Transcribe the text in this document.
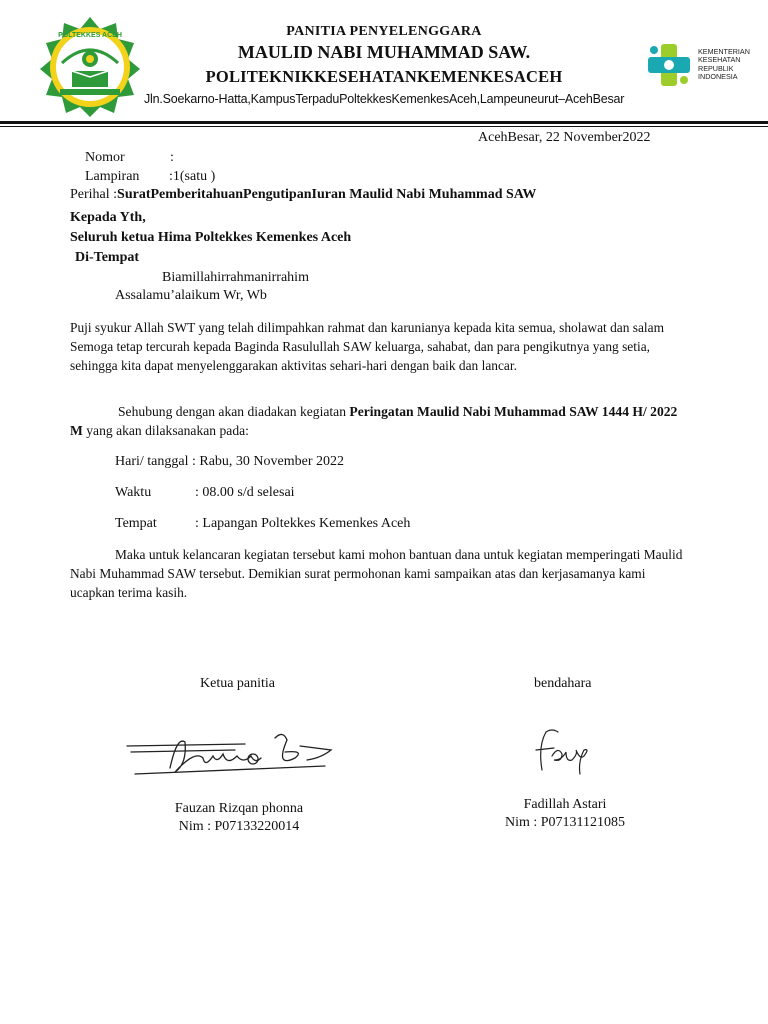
POLTEKKES ACEH	PANITIA PENYELENGGARA
MAULID NABI MUHAMMAD SAW.
POLITEKNIKKESEHATANKEMENKESACEH
Jln.Soekarno-Hatta,KampusTerpaduPoltekkesKemenkesAceh,Lampeuneurut–AcehBesar
KEMENTERIAN
KESEHATAN
REPUBLIK
INDONESIA
AcehBesar, 22 November2022
Nomor	:
Lampiran :1(satu )
Perihal :SuratPemberitahuanPengutipanIuran Maulid Nabi Muhammad SAW
Kepada Yth,
Seluruh ketua Hima Poltekkes Kemenkes Aceh
Di-Tempat
Biamillahirrahmanirrahim
Assalamu’alaikum Wr, Wb
Puji syukur Allah SWT yang telah dilimpahkan rahmat dan karunianya kepada kita semua, sholawat dan salam Semoga tetap tercurah kepada Baginda Rasulullah SAW keluarga, sahabat, dan para pengikutnya yang setia, sehingga kita dapat menyelenggarakan aktivitas sehari-hari dengan baik dan lancar.
Sehubung dengan akan diadakan kegiatan Peringatan Maulid Nabi Muhammad SAW 1444 H/ 2022 M yang akan dilaksanakan pada:
Hari/ tanggal : Rabu, 30 November 2022
Waktu	: 08.00 s/d selesai
Tempat	: Lapangan Poltekkes Kemenkes Aceh
Maka untuk kelancaran kegiatan tersebut kami mohon bantuan dana untuk kegiatan memperingati Maulid Nabi Muhammad SAW tersebut. Demikian surat permohonan kami sampaikan atas dan kerjasamanya kami ucapkan terima kasih.
Ketua panitia	bendahara
Fauzan Rizqan phonna
Nim : P07133220014
Fadillah Astari
Nim : P07131121085
